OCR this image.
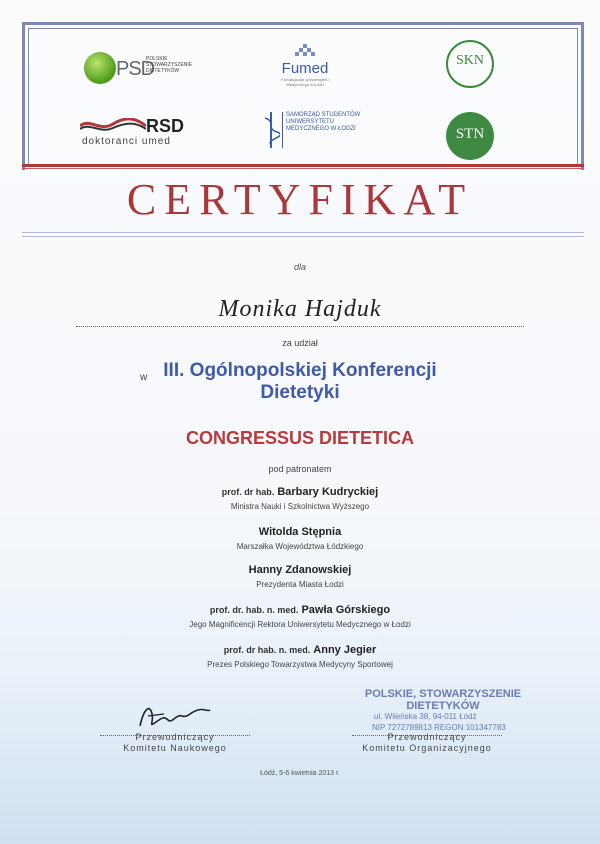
PSD
POLSKIE STOWARZYSZENIE DIETETYKÓW	Fumed
Fundacja dla Uniwersytetu Medycznego w Łodzi
SKN
RSD
doktoranci umed
SAMORZĄD STUDENTÓW UNIWERSYTETU MEDYCZNEGO W ŁODZI	STN
CERTYFIKAT
dla
Monika Hajduk
za udział
w III. Ogólnopolskiej Konferencji Dietetyki
CONGRESSUS DIETETICA
pod patronatem
prof. dr hab. Barbary Kudryckiej
Ministra Nauki i Szkolnictwa Wyższego
Witolda Stępnia
Marszałka Województwa Łódzkiego
Hanny Zdanowskiej
Prezydenta Miasta Łodzi
prof. dr. hab. n. med. Pawła Górskiego
Jego Magnificencji Rektora Uniwersytetu Medycznego w Łodzi
prof. dr hab. n. med. Anny Jegier
Prezes Polskiego Towarzystwa Medycyny Sportowej
Przewodniczący
Komitetu Naukowego
POLSKIE, STOWARZYSZENIE DIETETYKÓW
ul. Wileńska 38, 94-011 Łódź
NIP 7272789813 REGON 101347783
Przewodniczący
Komitetu Organizacyjnego
Łódź, 5-6 kwietnia 2013 r.
